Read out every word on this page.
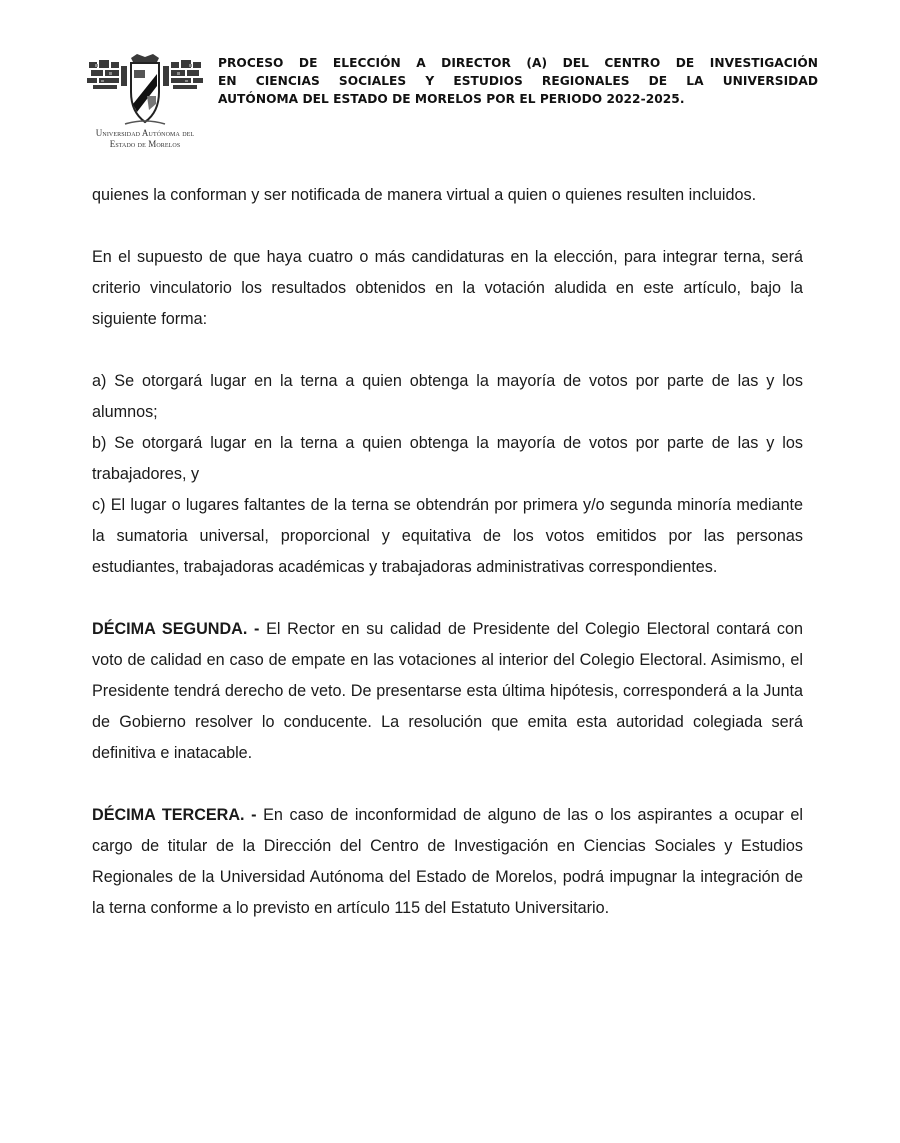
Universidad Autónoma del
Estado de Morelos
PROCESO DE ELECCIÓN A DIRECTOR (A) DEL CENTRO DE INVESTIGACIÓN
EN CIENCIAS SOCIALES Y ESTUDIOS REGIONALES DE LA UNIVERSIDAD
AUTÓNOMA DEL ESTADO DE MORELOS POR EL PERIODO 2022-2025.

quienes la conforman y ser notificada de manera virtual a quien o quienes resulten incluidos.

En el supuesto de que haya cuatro o más candidaturas en la elección, para integrar terna, será criterio vinculatorio los resultados obtenidos en la votación aludida en este artículo, bajo la siguiente forma:

a) Se otorgará lugar en la terna a quien obtenga la mayoría de votos por parte de las y los alumnos;

b) Se otorgará lugar en la terna a quien obtenga la mayoría de votos por parte de las y los trabajadores, y

c) El lugar o lugares faltantes de la terna se obtendrán por primera y/o segunda minoría mediante la sumatoria universal, proporcional y equitativa de los votos emitidos por las personas estudiantes, trabajadoras académicas y trabajadoras administrativas correspondientes.

DÉCIMA SEGUNDA. - El Rector en su calidad de Presidente del Colegio Electoral contará con voto de calidad en caso de empate en las votaciones al interior del Colegio Electoral. Asimismo, el Presidente tendrá derecho de veto. De presentarse esta última hipótesis, corresponderá a la Junta de Gobierno resolver lo conducente. La resolución que emita esta autoridad colegiada será definitiva e inatacable.

DÉCIMA TERCERA. - En caso de inconformidad de alguno de las o los aspirantes a ocupar el cargo de titular de la Dirección del Centro de Investigación en Ciencias Sociales y Estudios Regionales de la Universidad Autónoma del Estado de Morelos, podrá impugnar la integración de la terna conforme a lo previsto en artículo 115 del Estatuto Universitario.
